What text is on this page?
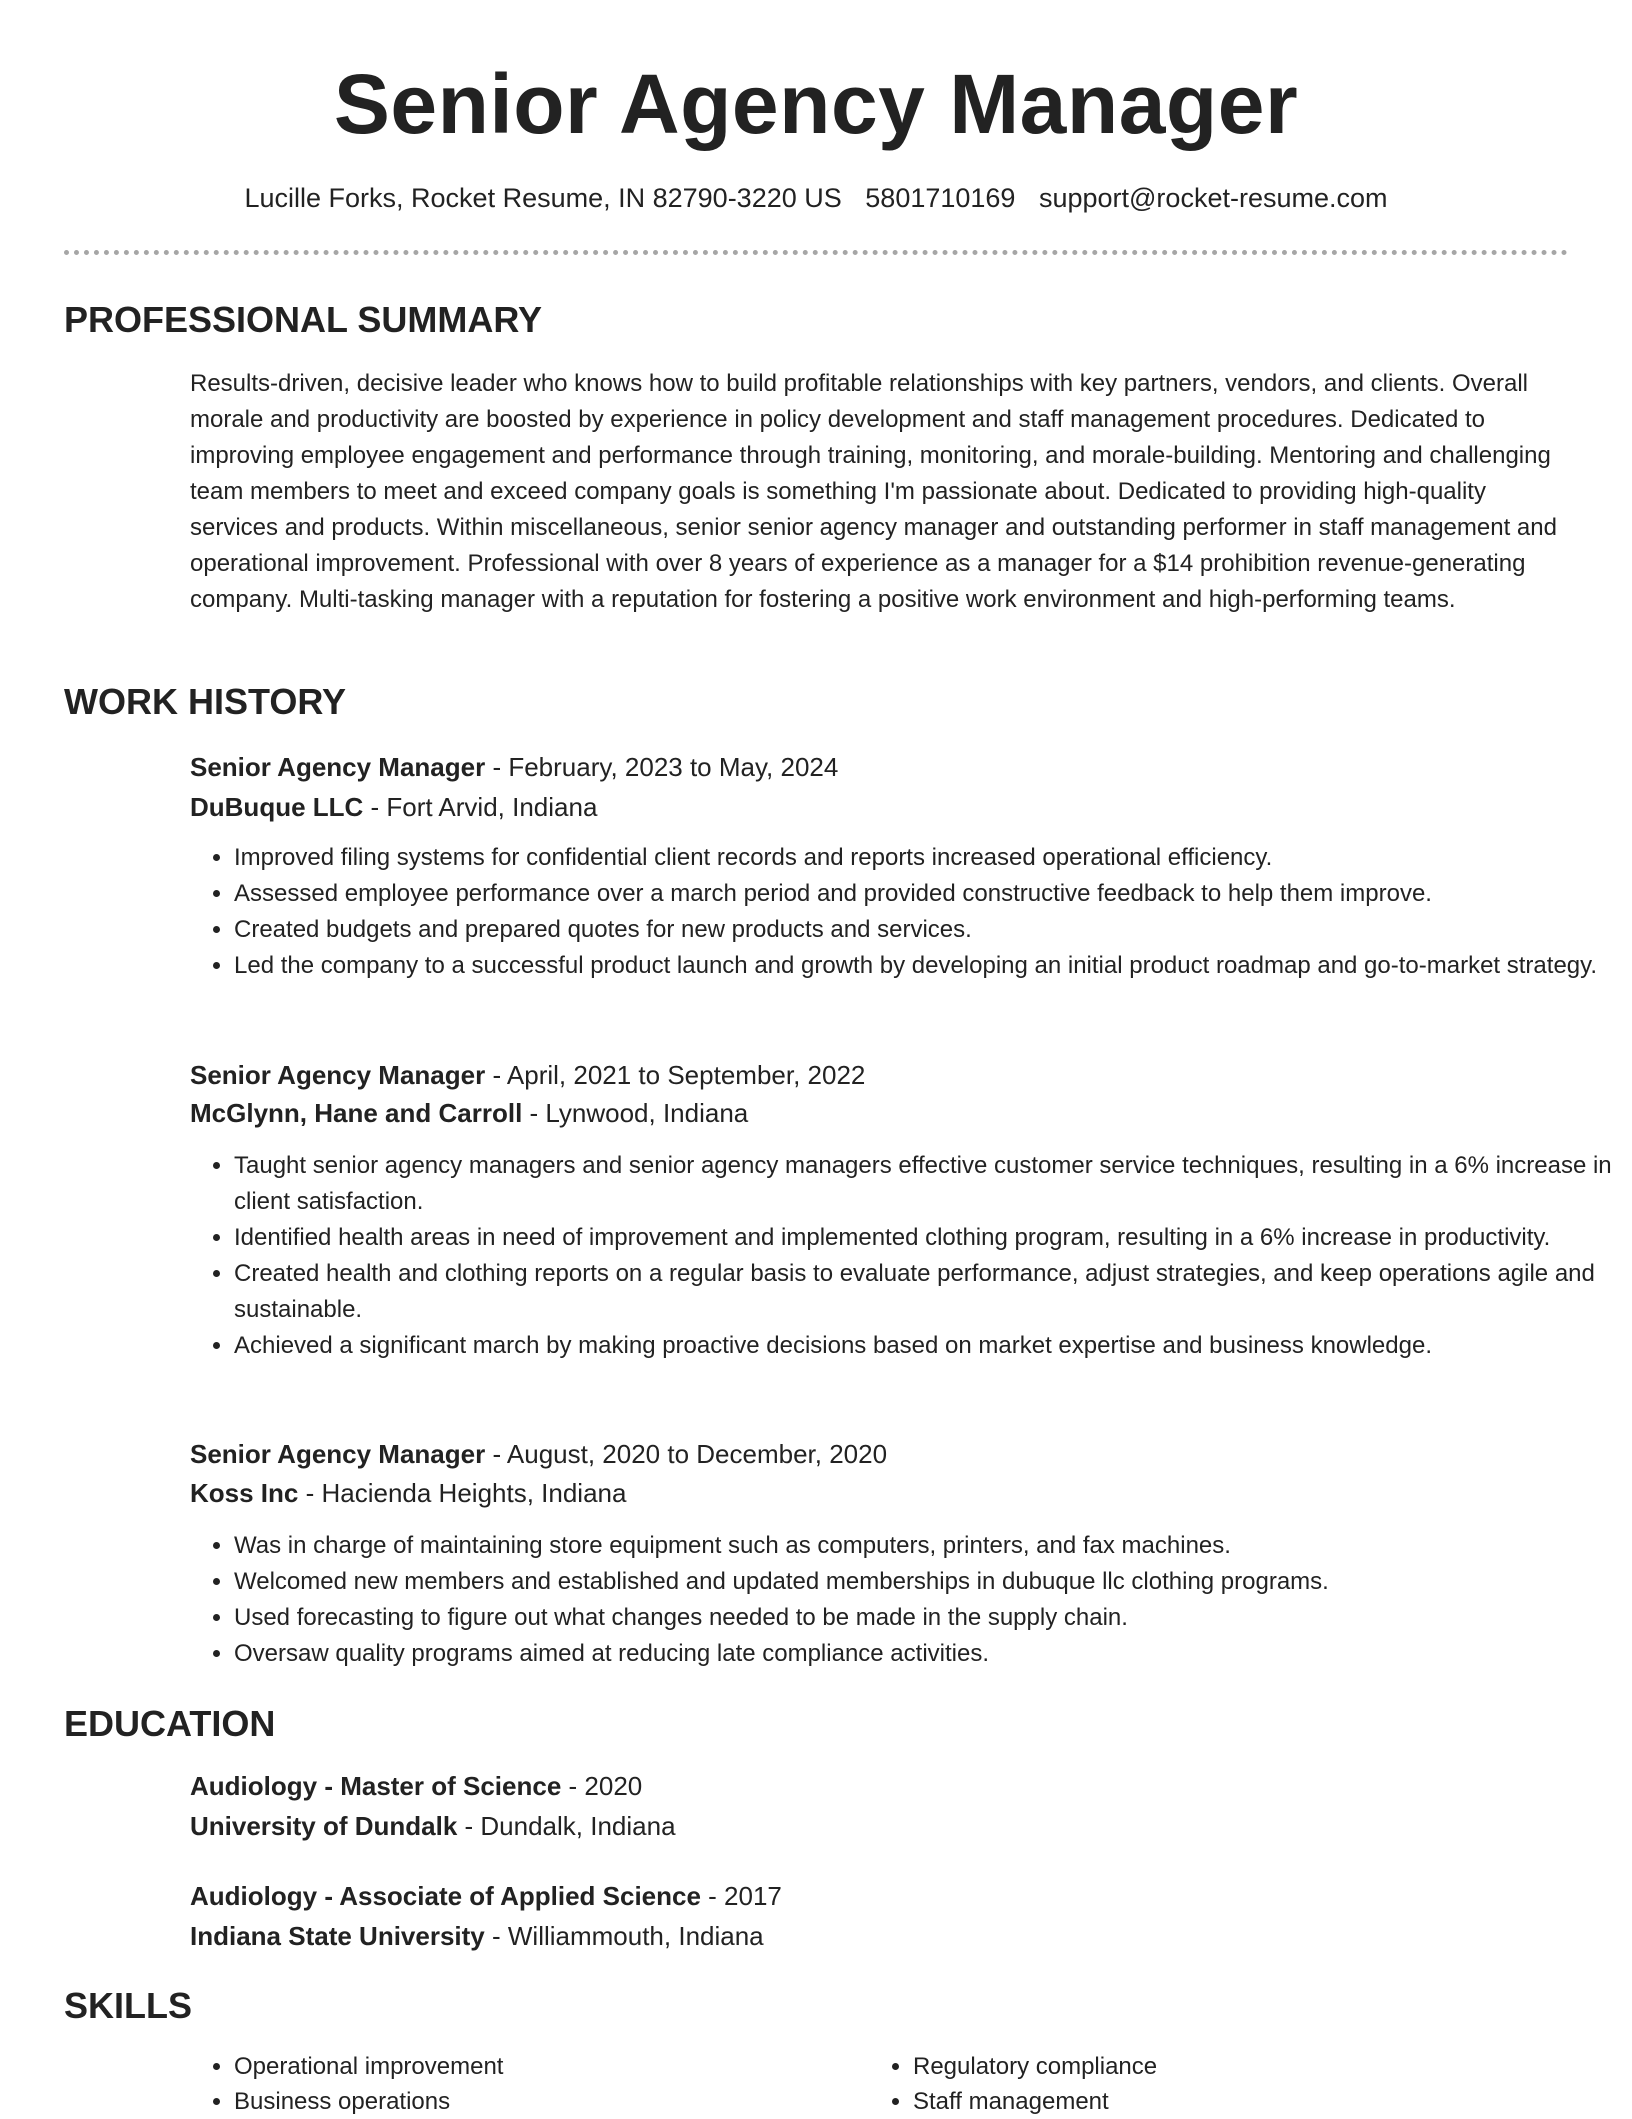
Senior Agency Manager
Lucille Forks, Rocket Resume, IN 82790-3220 US 5801710169 support@rocket-resume.com
PROFESSIONAL SUMMARY

Results-driven, decisive leader who knows how to build profitable relationships with key partners, vendors, and clients. Overall morale and productivity are boosted by experience in policy development and staff management procedures. Dedicated to improving employee engagement and performance through training, monitoring, and morale-building. Mentoring and challenging team members to meet and exceed company goals is something I'm passionate about. Dedicated to providing high-quality services and products. Within miscellaneous, senior senior agency manager and outstanding performer in staff management and operational improvement. Professional with over 8 years of experience as a manager for a $14 prohibition revenue-generating company. Multi-tasking manager with a reputation for fostering a positive work environment and high-performing teams.

WORK HISTORY
Senior Agency Manager - February, 2023 to May, 2024
DuBuque LLC - Fort Arvid, Indiana
• Improved filing systems for confidential client records and reports increased operational efficiency.
• Assessed employee performance over a march period and provided constructive feedback to help them improve.
• Created budgets and prepared quotes for new products and services.
• Led the company to a successful product launch and growth by developing an initial product roadmap and go-to-market strategy.
Senior Agency Manager - April, 2021 to September, 2022
McGlynn, Hane and Carroll - Lynwood, Indiana
• Taught senior agency managers and senior agency managers effective customer service techniques, resulting in a 6% increase in client satisfaction.
• Identified health areas in need of improvement and implemented clothing program, resulting in a 6% increase in productivity.
• Created health and clothing reports on a regular basis to evaluate performance, adjust strategies, and keep operations agile and sustainable.
• Achieved a significant march by making proactive decisions based on market expertise and business knowledge.
Senior Agency Manager - August, 2020 to December, 2020
Koss Inc - Hacienda Heights, Indiana
• Was in charge of maintaining store equipment such as computers, printers, and fax machines.
• Welcomed new members and established and updated memberships in dubuque llc clothing programs.
• Used forecasting to figure out what changes needed to be made in the supply chain.
• Oversaw quality programs aimed at reducing late compliance activities.
EDUCATION
Audiology - Master of Science - 2020
University of Dundalk - Dundalk, Indiana
Audiology - Associate of Applied Science - 2017
Indiana State University - Williammouth, Indiana
SKILLS
• Operational improvement
• Business operations
• Regulatory compliance
• Staff management
